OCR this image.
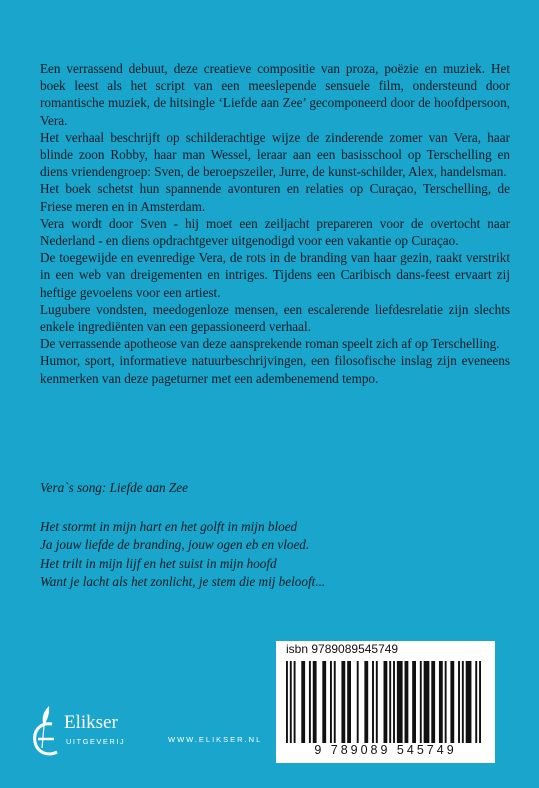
Een verrassend debuut, deze creatieve compositie van proza, poëzie en muziek. Het boek leest als het script van een meeslepende sensuele film, ondersteund door romantische muziek, de hitsingle ‘Liefde aan Zee’ gecomponeerd door de hoofdpersoon, Vera.

Het verhaal beschrijft op schilderachtige wijze de zinderende zomer van Vera, haar blinde zoon Robby, haar man Wessel, leraar aan een basisschool op Terschelling en diens vriendengroep: Sven, de beroepszeiler, Jurre, de kunst-schilder, Alex, handelsman.

Het boek schetst hun spannende avonturen en relaties op Curaçao, Terschelling, de Friese meren en in Amsterdam.

Vera wordt door Sven - hij moet een zeiljacht prepareren voor de overtocht naar Nederland - en diens opdrachtgever uitgenodigd voor een vakantie op Curaçao.

De toegewijde en evenredige Vera, de rots in de branding van haar gezin, raakt verstrikt in een web van dreigementen en intriges. Tijdens een Caribisch dans-feest ervaart zij heftige gevoelens voor een artiest.

Lugubere vondsten, meedogenloze mensen, een escalerende liefdesrelatie zijn slechts enkele ingrediënten van een gepassioneerd verhaal.

De verrassende apotheose van deze aansprekende roman speelt zich af op Terschelling.

Humor, sport, informatieve natuurbeschrijvingen, een filosofische inslag zijn eveneens kenmerken van deze pageturner met een adembenemend tempo.

Vera`s song: Liefde aan Zee

Het stormt in mijn hart en het golft in mijn bloed

Ja jouw liefde de branding, jouw ogen eb en vloed.

Het trilt in mijn lijf en het suist in mijn hoofd

Want je lacht als het zonlicht, je stem die mij belooft...

Elikser
UITGEVERIJ	WWW.ELIKSER.NL
isbn 9789089545749
9 789089 545749
